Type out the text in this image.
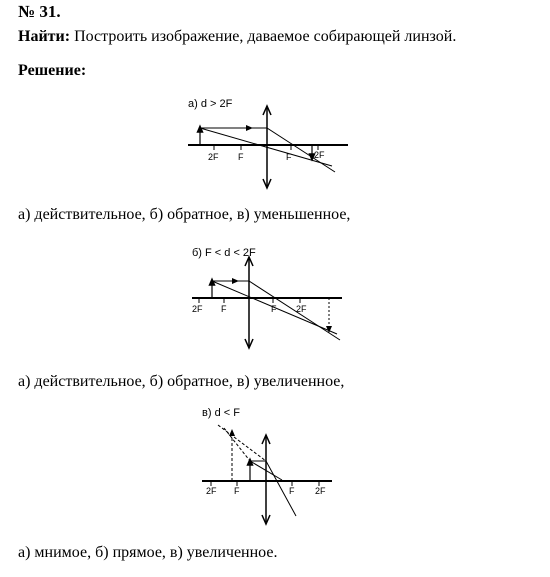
№ 31.
Найти: Построить изображение, даваемое собирающей линзой.
Решение:
а) d > 2F
2F F	F	2F
а) действительное, б) обратное, в) уменьшенное,
б) F < d < 2F
2F F	F 2F
а) действительное, б) обратное, в) увеличенное,
в) d < F
2F F	F 2F
а) мнимое, б) прямое, в) увеличенное.
